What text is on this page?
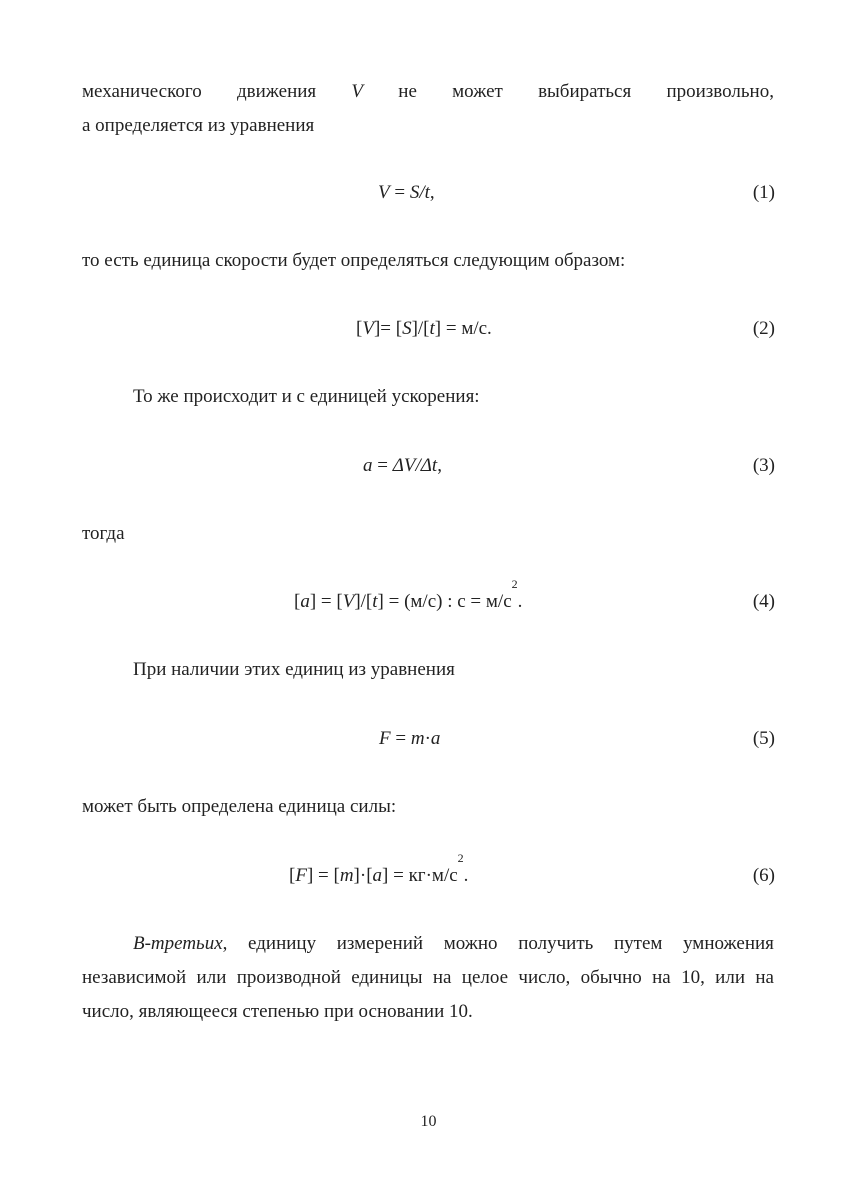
механического движения V не может выбираться произвольно,
а определяется из уравнения
V = S/t,	(1)
то есть единица скорости будет определяться следующим образом:
[V]= [S]/[t] = м/с.	(2)
То же происходит и с единицей ускорения:
a = ΔV/Δt,	(3)
тогда
[a] = [V]/[t] = (м/с) : $с = м/с^2$.	(4)
При наличии этих единиц из уравнения
F = m·a	(5)
может быть определена единица силы:
$[F] = [m]\cdot[a] = кг\cdot м/с^2$.	(6)
В-третьих, единицу измерений можно получить путем умножения
независимой или производной единицы на целое число, обычно на 10, или на
число, являющееся степенью при основании 10.
10
